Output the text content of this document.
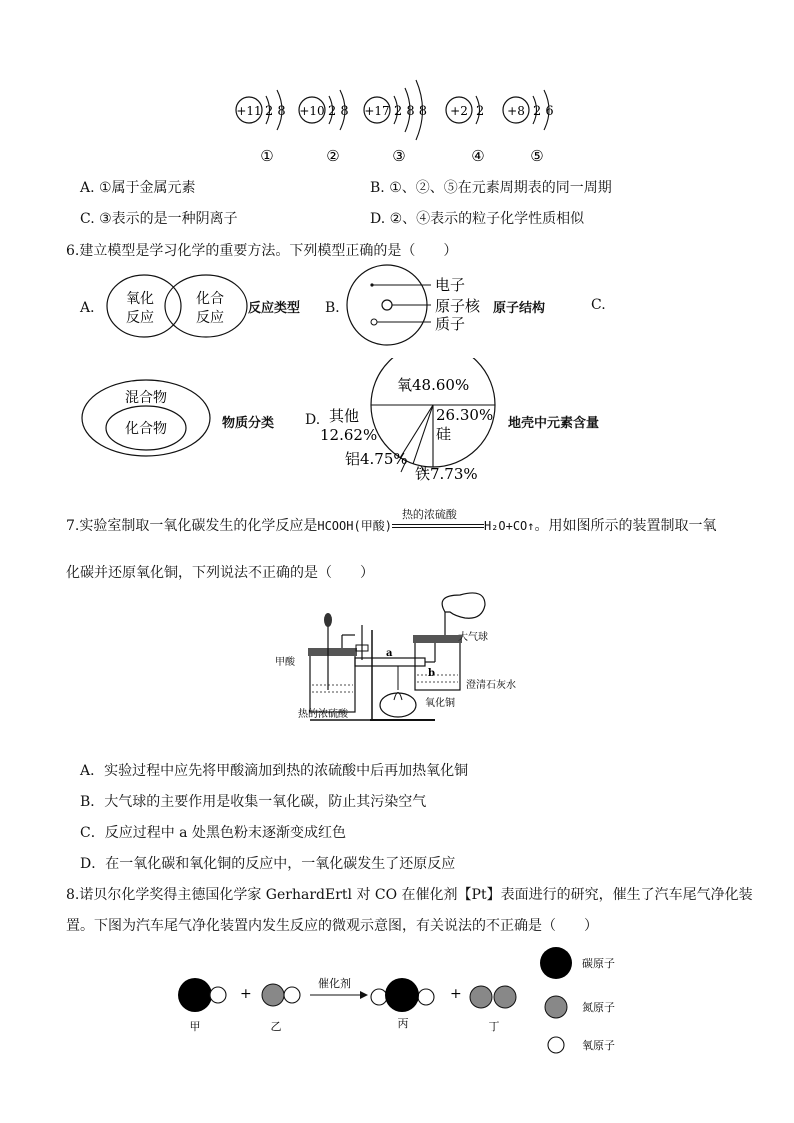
+11 2 8
①
+10 2 8
②
+17 2 8 8
③
+2 2
④
+8 2 6
⑤
A. ①属于金属元素	B. ①、②、⑤在元素周期表的同一周期
C. ③表示的是一种阴离子	D. ②、④表示的粒子化学性质相似
6.建立模型是学习化学的重要方法。下列模型正确的是（　　）
A．
氧化
反应
化合
反应
反应类型 B．
电子
原子核
质子
原子结构	C.
混合物
化合物	物质分类 D.
氧48.60%
26.30%
硅
其他
12.62%
铝4.75%
铁7.73%
地壳中元素含量
7.实验室制取一氧化碳发生的化学反应是HCOOH(甲酸)
热的浓硫酸
H₂O+CO↑。用如图所示的装置制取一氧
化碳并还原氧化铜，下列说法不正确的是（　　）
甲酸
大气球
a
b
澄清石灰水
氧化铜
热的浓硫酸
A．实验过程中应先将甲酸滴加到热的浓硫酸中后再加热氧化铜
B．大气球的主要作用是收集一氧化碳，防止其污染空气
C．反应过程中 a 处黑色粉末逐渐变成红色
D．在一氧化碳和氧化铜的反应中，一氧化碳发生了还原反应
8.诺贝尔化学奖得主德国化学家 GerhardErtl 对 CO 在催化剂【Pt】表面进行的研究，催生了汽车尾气净化装
置。下图为汽车尾气净化装置内发生反应的微观示意图，有关说法的不正确是（　　）
+
催化剂
+
甲	乙	丙	丁
碳原子
氮原子
氧原子
